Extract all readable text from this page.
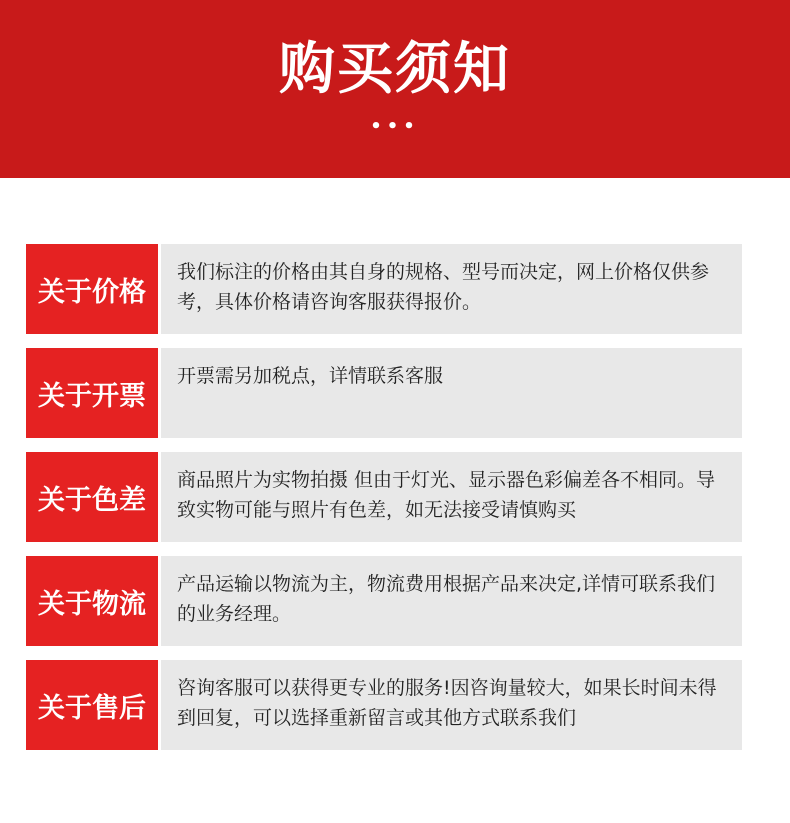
购买须知
•••
关于价格
我们标注的价格由其自身的规格、型号而决定，网上价格仅供参考，具体价格请咨询客服获得报价。
关于开票
开票需另加税点，详情联系客服
关于色差
商品照片为实物拍摄 但由于灯光、显示器色彩偏差各不相同。导致实物可能与照片有色差，如无法接受请慎购买
关于物流
产品运输以物流为主，物流费用根据产品来决定,详情可联系我们的业务经理。
关于售后
咨询客服可以获得更专业的服务!因咨询量较大，如果长时间未得到回复，可以选择重新留言或其他方式联系我们
